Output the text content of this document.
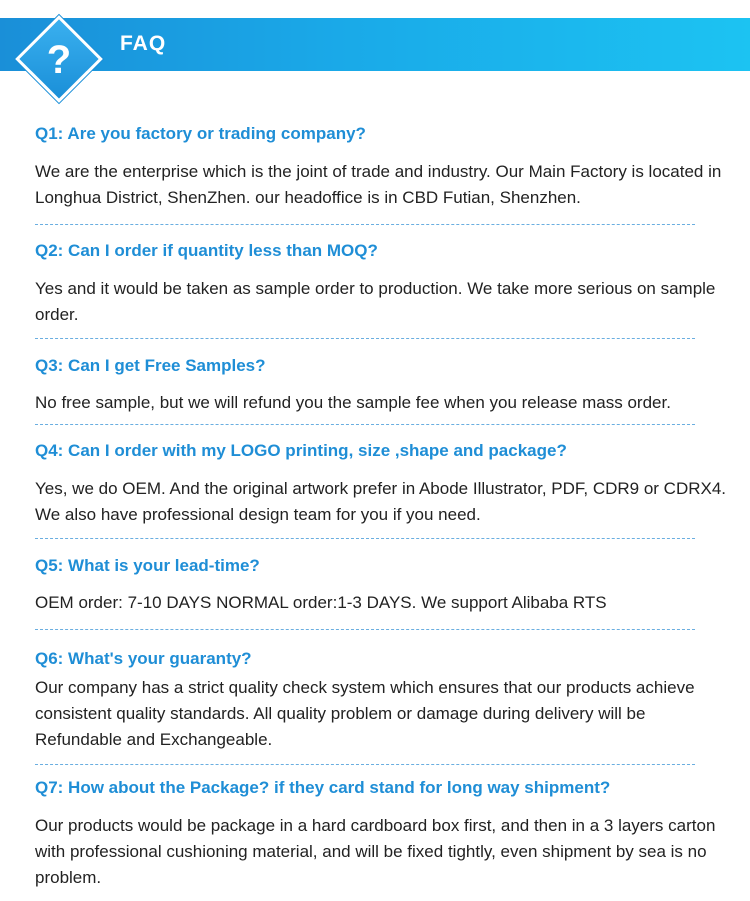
FAQ
?
Q1: Are you factory or trading company?
We are the enterprise which is the joint of trade and industry. Our Main Factory is located in Longhua District, ShenZhen. our headoffice is in CBD Futian, Shenzhen.
Q2: Can I order if quantity less than MOQ?
Yes and it would be taken as sample order to production. We take more serious on sample order.
Q3: Can I get Free Samples?
No free sample, but we will refund you the sample fee when you release mass order.
Q4: Can I order with my LOGO printing, size ,shape and package?
Yes, we do OEM. And the original artwork prefer in Abode Illustrator, PDF, CDR9 or CDRX4. We also have professional design team for you if you need.
Q5: What is your lead-time?
OEM order: 7-10 DAYS NORMAL order:1-3 DAYS. We support Alibaba RTS
Q6: What's your guaranty?
Our company has a strict quality check system which ensures that our products achieve consistent quality standards. All quality problem or damage during delivery will be Refundable and Exchangeable.
Q7: How about the Package? if they card stand for long way shipment?
Our products would be package in a hard cardboard box first, and then in a 3 layers carton with professional cushioning material, and will be fixed tightly, even shipment by sea is no problem.
